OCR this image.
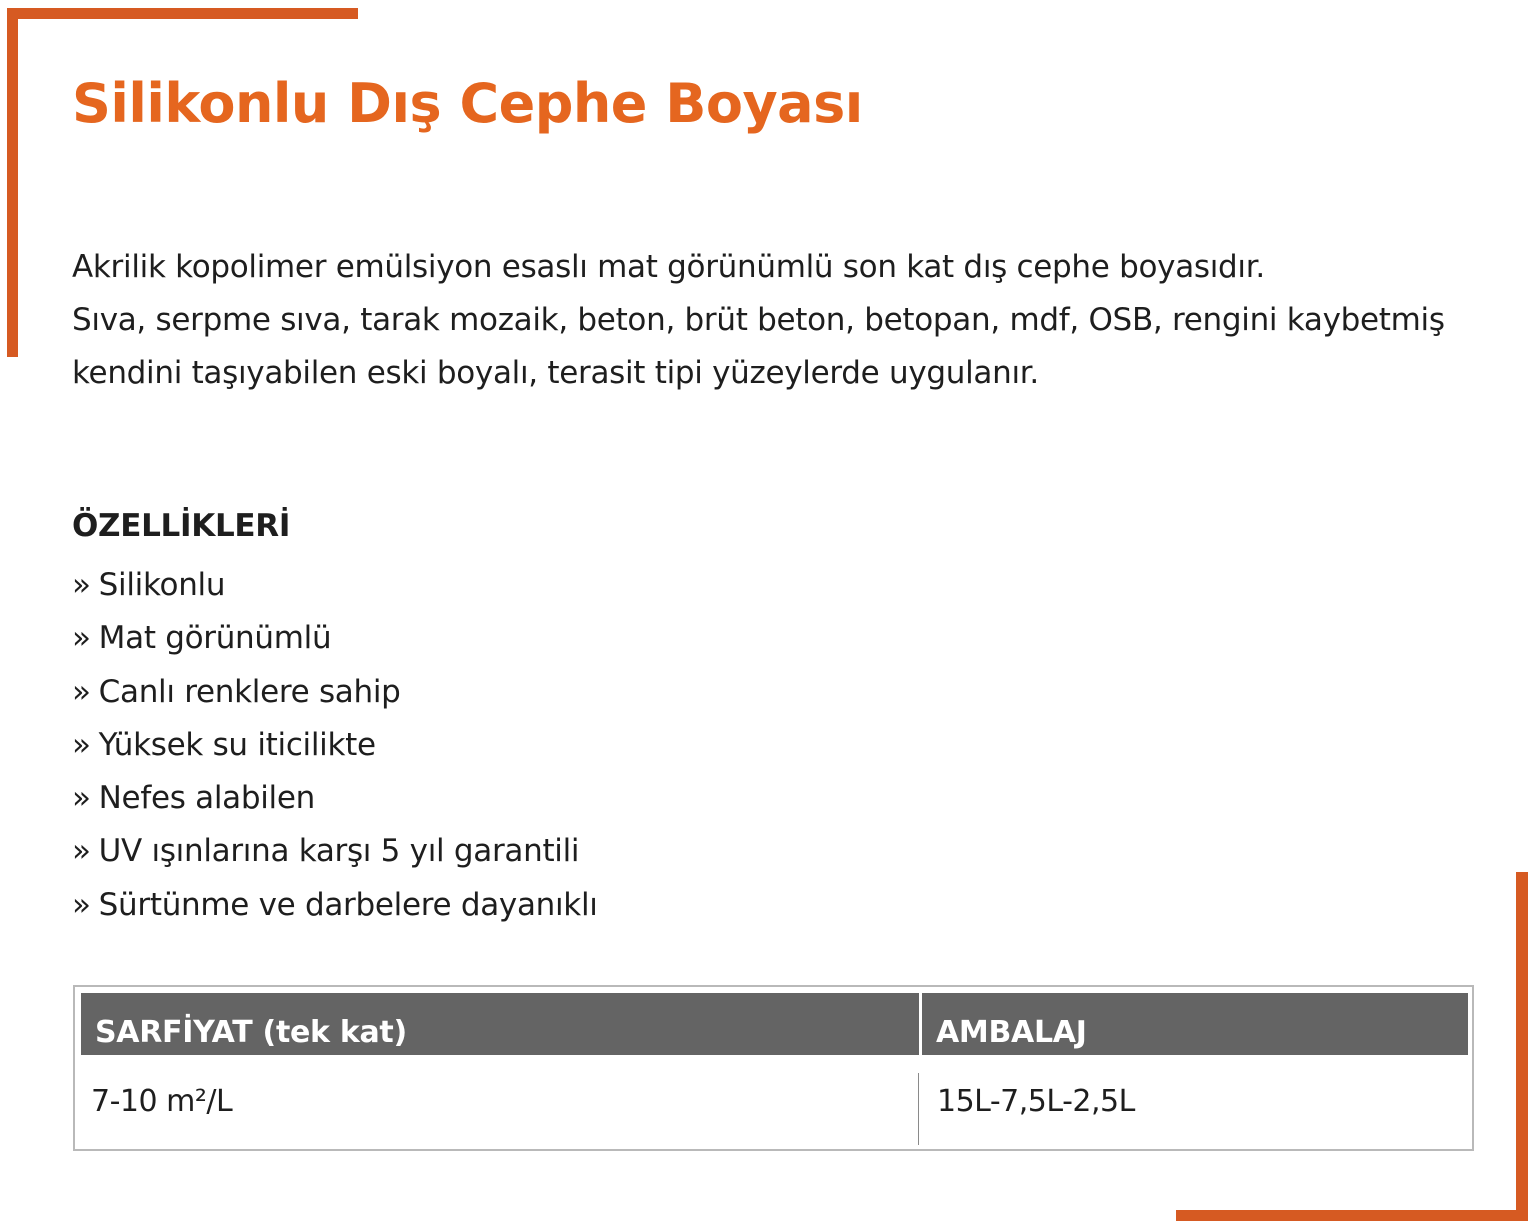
Silikonlu Dış Cephe Boyası

Akrilik kopolimer emülsiyon esaslı mat görünümlü son kat dış cephe boyasıdır.

Sıva, serpme sıva, tarak mozaik, beton, brüt beton, betopan, mdf, OSB, rengini kaybetmiş kendini taşıyabilen eski boyalı, terasit tipi yüzeylerde uygulanır.

ÖZELLİKLERİ
» Silikonlu
» Mat görünümlü
» Canlı renklere sahip
» Yüksek su iticilikte
» Nefes alabilen
» UV ışınlarına karşı 5 yıl garantili
» Sürtünme ve darbelere dayanıklı
SARFİYAT (tek kat)	AMBALAJ
7-10 m²/L	15L-7,5L-2,5L
